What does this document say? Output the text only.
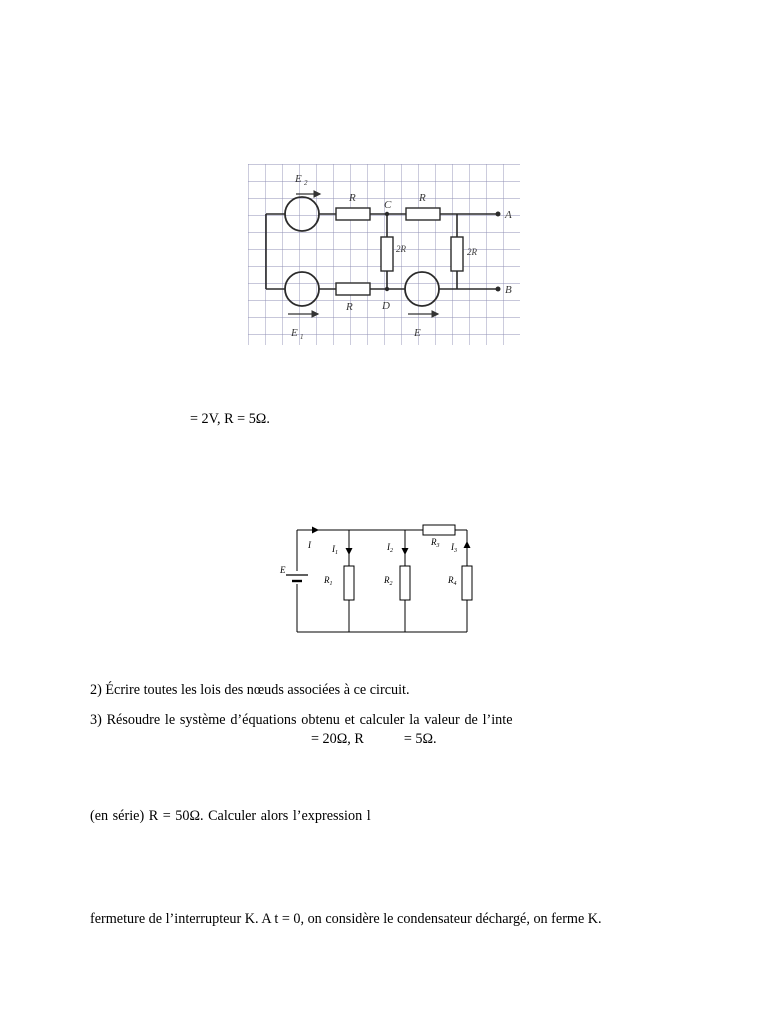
E 2
E 1	E
R	R
R
2R	2R
C
D
A
B
= 2V, R = 5Ω.
E
I $I_1$
$I_2$	$I_3$
$R_1$	$R_2$
$R_3$
$R_4$
2) Écrire toutes les lois des nœuds associées à ce circuit.
3) Résoudre le système d’équations obtenu et calculer la valeur de l’inte
= 20Ω, R	= 5Ω.
(en série) R = 50Ω. Calculer alors l’expression l
fermeture de l’interrupteur K. A t = 0, on considère le condensateur déchargé, on ferme K.
